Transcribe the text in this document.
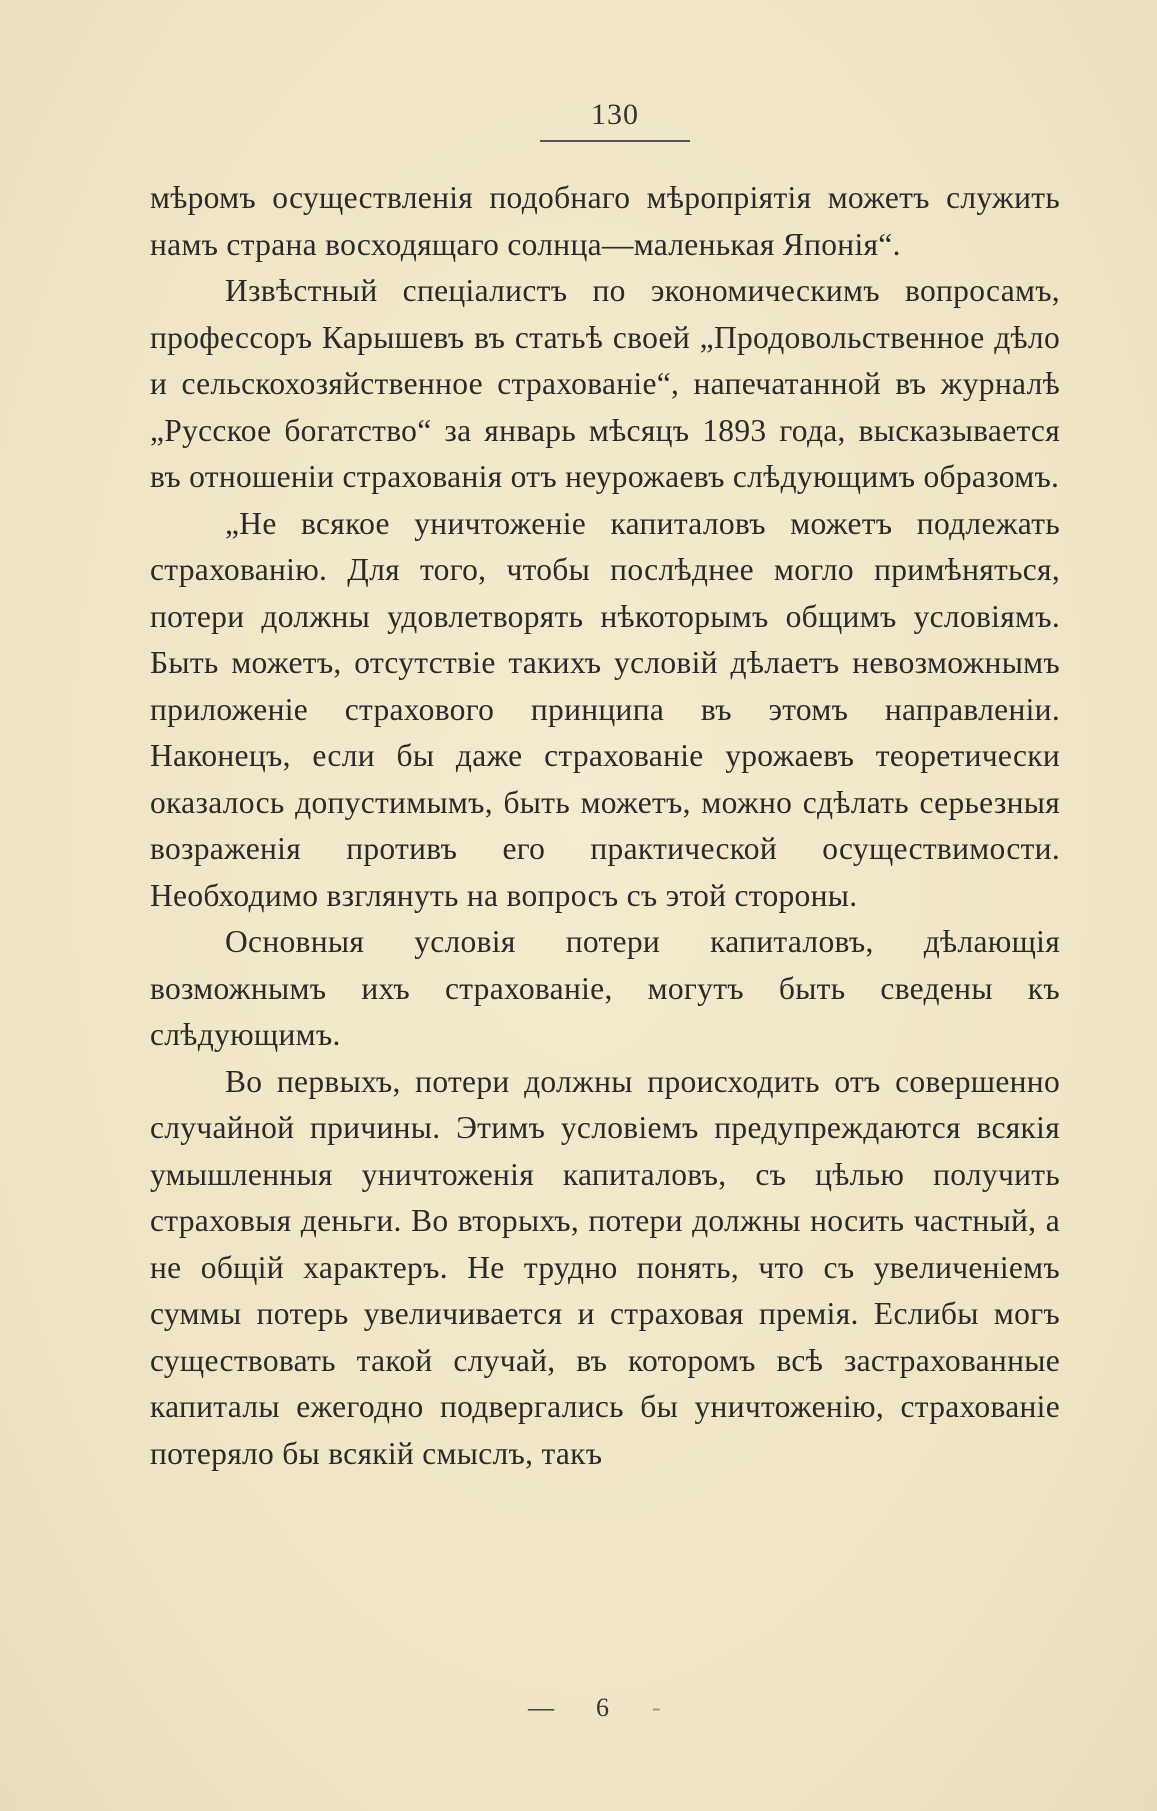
130

мѣромъ осуществленія подобнаго мѣропріятія можетъ служить намъ страна восходящаго солнца—маленькая Японія“.

Извѣстный спеціалистъ по экономическимъ вопросамъ, профессоръ Карышевъ въ статьѣ своей „Продовольственное дѣло и сельскохозяйственное страхованіе“, напечатанной въ журналѣ „Русское богатство“ за январь мѣсяцъ 1893 года, высказывается въ отношеніи страхованія отъ неурожаевъ слѣдующимъ образомъ.

„Не всякое уничтоженіе капиталовъ можетъ подлежать страхованію. Для того, чтобы послѣднее могло примѣняться, потери должны удовлетворять нѣкоторымъ общимъ условіямъ. Быть можетъ, отсутствіе такихъ условій дѣлаетъ невозможнымъ приложеніе страхового принципа въ этомъ направленіи. Наконецъ, если бы даже страхованіе урожаевъ теоретически оказалось допустимымъ, быть можетъ, можно сдѣлать серьезныя возраженія противъ его практической осуществимости. Необходимо взглянуть на вопросъ съ этой стороны.

Основныя условія потери капиталовъ, дѣлающія возможнымъ ихъ страхованіе, могутъ быть сведены къ слѣдующимъ.

Во первыхъ, потери должны происходить отъ совершенно случайной причины. Этимъ условіемъ предупреждаются всякія умышленныя уничтоженія капиталовъ, съ цѣлью получить страховыя деньги. Во вторыхъ, потери должны носить частный, а не общій характеръ. Не трудно понять, что съ увеличеніемъ суммы потерь увеличивается и страховая премія. Еслибы могъ существовать такой случай, въ которомъ всѣ застрахованные капиталы ежегодно подвергались бы уничтоженію, страхованіе потеряло бы всякій смыслъ, такъ

— 6 -
